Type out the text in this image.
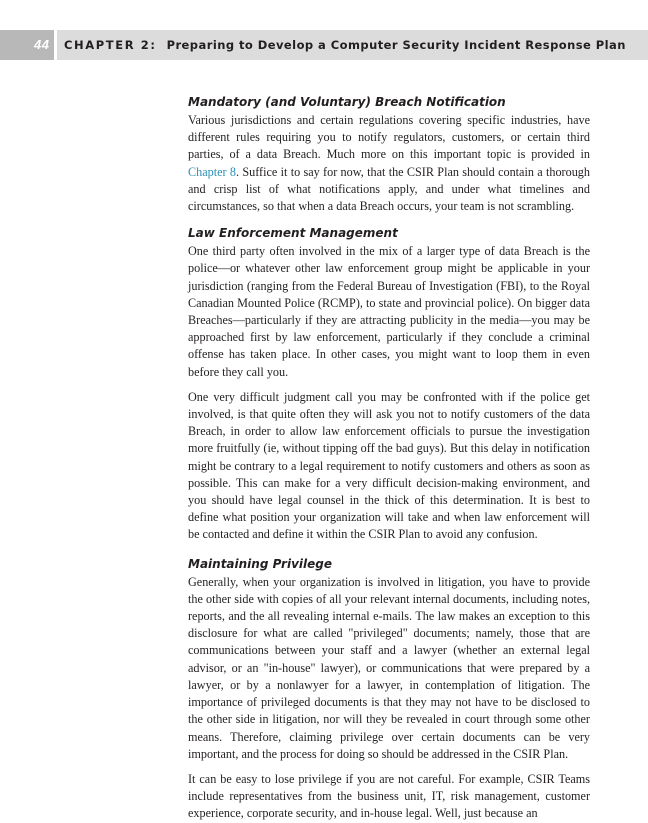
44 CHAPTER 2: Preparing to Develop a Computer Security Incident Response Plan
Mandatory (and Voluntary) Breach Notification

Various jurisdictions and certain regulations covering specific industries, have different rules requiring you to notify regulators, customers, or certain third parties, of a data Breach. Much more on this important topic is provided in Chapter 8. Suffice it to say for now, that the CSIR Plan should contain a thorough and crisp list of what notifications apply, and under what timelines and circumstances, so that when a data Breach occurs, your team is not scrambling.

Law Enforcement Management

One third party often involved in the mix of a larger type of data Breach is the police—or whatever other law enforcement group might be applicable in your jurisdiction (ranging from the Federal Bureau of Investigation (FBI), to the Royal Canadian Mounted Police (RCMP), to state and provincial police). On bigger data Breaches—particularly if they are attracting publicity in the media—you may be approached first by law enforcement, particularly if they conclude a criminal offense has taken place. In other cases, you might want to loop them in even before they call you.

One very difficult judgment call you may be confronted with if the police get involved, is that quite often they will ask you not to notify customers of the data Breach, in order to allow law enforcement officials to pursue the investigation more fruitfully (ie, without tipping off the bad guys). But this delay in notification might be contrary to a legal requirement to notify customers and others as soon as possible. This can make for a very difficult decision-making environment, and you should have legal counsel in the thick of this determination. It is best to define what position your organization will take and when law enforcement will be contacted and define it within the CSIR Plan to avoid any confusion.

Maintaining Privilege

Generally, when your organization is involved in litigation, you have to provide the other side with copies of all your relevant internal documents, including notes, reports, and the all revealing internal e-mails. The law makes an exception to this disclosure for what are called "privileged" documents; namely, those that are communications between your staff and a lawyer (whether an external legal advisor, or an "in-house" lawyer), or communications that were prepared by a lawyer, or by a nonlawyer for a lawyer, in contemplation of litigation. The importance of privileged documents is that they may not have to be disclosed to the other side in litigation, nor will they be revealed in court through some other means. Therefore, claiming privilege over certain documents can be very important, and the process for doing so should be addressed in the CSIR Plan.

It can be easy to lose privilege if you are not careful. For example, CSIR Teams include representatives from the business unit, IT, risk management, customer experience, corporate security, and in-house legal. Well, just because an
